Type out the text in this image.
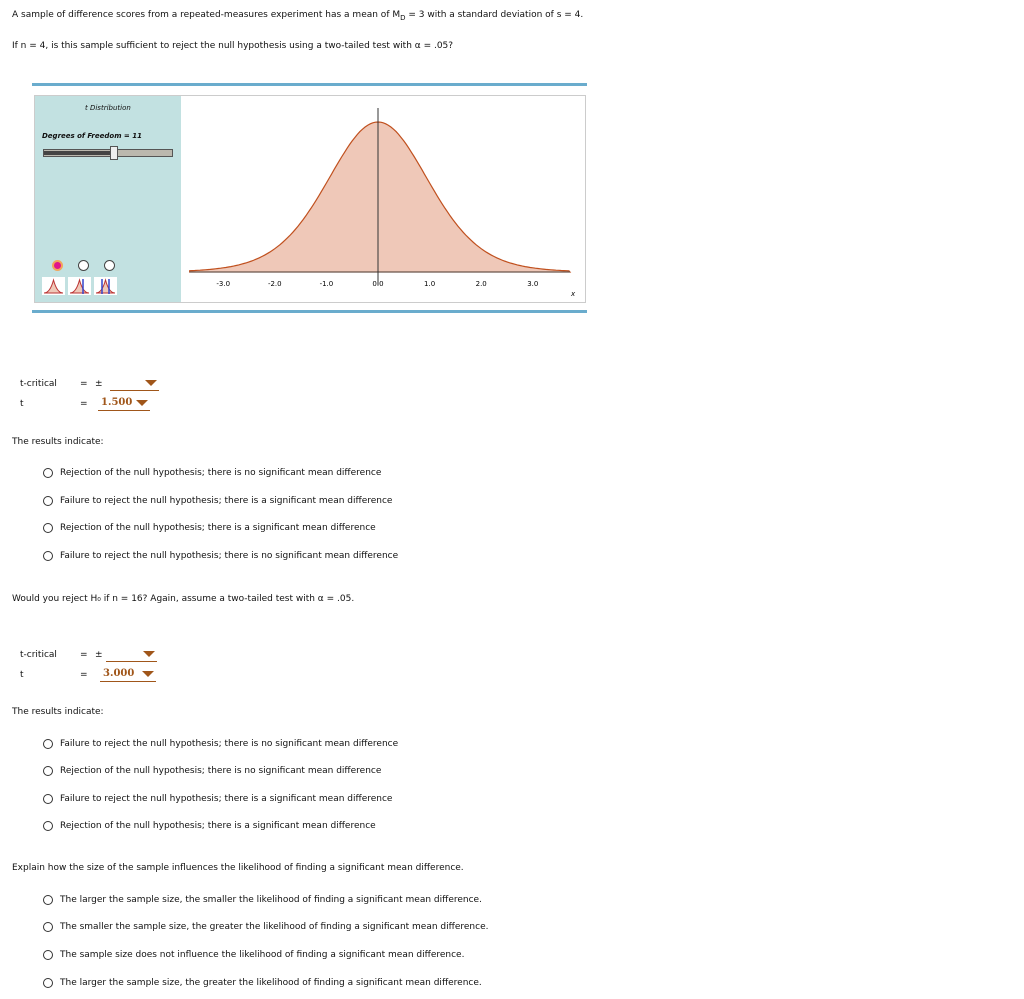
A sample of difference scores from a repeated-measures experiment has a mean of $M_D = 3$ with a standard deviation of s = 4.
If n = 4, is this sample sufficient to reject the null hypothesis using a two-tailed test with α = .05?
t Distribution
Degrees of Freedom = 11
-3.0	-2.0	-1.0	0.0	1.0	2.0	3.0
x
t-critical	= ±
t	=	1.500
The results indicate:
Rejection of the null hypothesis; there is no significant mean difference
Failure to reject the null hypothesis; there is a significant mean difference
Rejection of the null hypothesis; there is a significant mean difference
Failure to reject the null hypothesis; there is no significant mean difference
Would you reject H₀ if n = 16? Again, assume a two-tailed test with α = .05.
t-critical	= ±
t	=	3.000
The results indicate:
Failure to reject the null hypothesis; there is no significant mean difference
Rejection of the null hypothesis; there is no significant mean difference
Failure to reject the null hypothesis; there is a significant mean difference
Rejection of the null hypothesis; there is a significant mean difference
Explain how the size of the sample influences the likelihood of finding a significant mean difference.
The larger the sample size, the smaller the likelihood of finding a significant mean difference.
The smaller the sample size, the greater the likelihood of finding a significant mean difference.
The sample size does not influence the likelihood of finding a significant mean difference.
The larger the sample size, the greater the likelihood of finding a significant mean difference.
